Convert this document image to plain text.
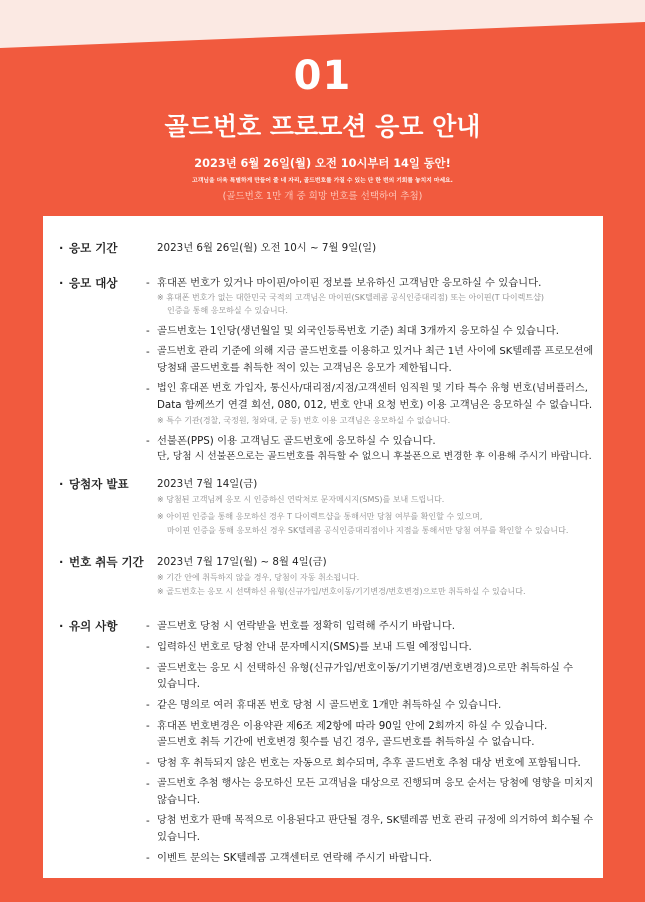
01
골드번호 프로모션 응모 안내
2023년 6월 26일(월) 오전 10시부터 14일 동안!
고객님을 더욱 특별하게 만들어 줄 네 자리, 골드번호를 가질 수 있는 단 한 번의 기회를 놓치지 마세요.
(골드번호 1만 개 중 희망 번호를 선택하여 추첨)
· 응모 기간	2023년 6월 26일(월) 오전 10시 ~ 7월 9일(일)
· 응모 대상	- 휴대폰 번호가 있거나 마이핀/아이핀 정보를 보유하신 고객님만 응모하실 수 있습니다.
※ 휴대폰 번호가 없는 대한민국 국적의 고객님은 마이핀(SK텔레콤 공식인증대리점) 또는 아이핀(T 다이렉트샵)
인증을 통해 응모하실 수 있습니다.
- 골드번호는 1인당(생년월일 및 외국인등록번호 기준) 최대 3개까지 응모하실 수 있습니다.
- 골드번호 관리 기준에 의해 지금 골드번호를 이용하고 있거나 최근 1년 사이에 SK텔레콤 프로모션에
당첨돼 골드번호를 취득한 적이 있는 고객님은 응모가 제한됩니다.
- 법인 휴대폰 번호 가입자, 통신사/대리점/지점/고객센터 임직원 및 기타 특수 유형 번호(넘버플러스,
Data 함께쓰기 연결 회선, 080, 012, 번호 안내 요청 번호) 이용 고객님은 응모하실 수 없습니다.
※ 특수 기관(경찰, 국정원, 청와대, 군 등) 번호 이용 고객님은 응모하실 수 없습니다.
- 선불폰(PPS) 이용 고객님도 골드번호에 응모하실 수 있습니다.
단, 당첨 시 선불폰으로는 골드번호를 취득할 수 없으니 후불폰으로 변경한 후 이용해 주시기 바랍니다.
· 당첨자 발표	2023년 7월 14일(금)
※ 당첨된 고객님께 응모 시 인증하신 연락처로 문자메시지(SMS)를 보내 드립니다.
※ 아이핀 인증을 통해 응모하신 경우 T 다이렉트샵을 통해서만 당첨 여부를 확인할 수 있으며,
마이핀 인증을 통해 응모하신 경우 SK텔레콤 공식인증대리점이나 지점을 통해서만 당첨 여부를 확인할 수 있습니다.
· 번호 취득 기간 2023년 7월 17일(월) ~ 8월 4일(금)
※ 기간 안에 취득하지 않을 경우, 당첨이 자동 취소됩니다.
※ 골드번호는 응모 시 선택하신 유형(신규가입/번호이동/기기변경/번호변경)으로만 취득하실 수 있습니다.
· 유의 사항	- 골드번호 당첨 시 연락받을 번호를 정확히 입력해 주시기 바랍니다.
- 입력하신 번호로 당첨 안내 문자메시지(SMS)를 보내 드릴 예정입니다.
- 골드번호는 응모 시 선택하신 유형(신규가입/번호이동/기기변경/번호변경)으로만 취득하실 수
있습니다.
- 같은 명의로 여러 휴대폰 번호 당첨 시 골드번호 1개만 취득하실 수 있습니다.
- 휴대폰 번호변경은 이용약관 제6조 제2항에 따라 90일 안에 2회까지 하실 수 있습니다.
골드번호 취득 기간에 번호변경 횟수를 넘긴 경우, 골드번호를 취득하실 수 없습니다.
- 당첨 후 취득되지 않은 번호는 자동으로 회수되며, 추후 골드번호 추첨 대상 번호에 포함됩니다.
- 골드번호 추첨 행사는 응모하신 모든 고객님을 대상으로 진행되며 응모 순서는 당첨에 영향을 미치지
않습니다.
- 당첨 번호가 판매 목적으로 이용된다고 판단될 경우, SK텔레콤 번호 관리 규정에 의거하여 회수될 수
있습니다.
- 이벤트 문의는 SK텔레콤 고객센터로 연락해 주시기 바랍니다.
